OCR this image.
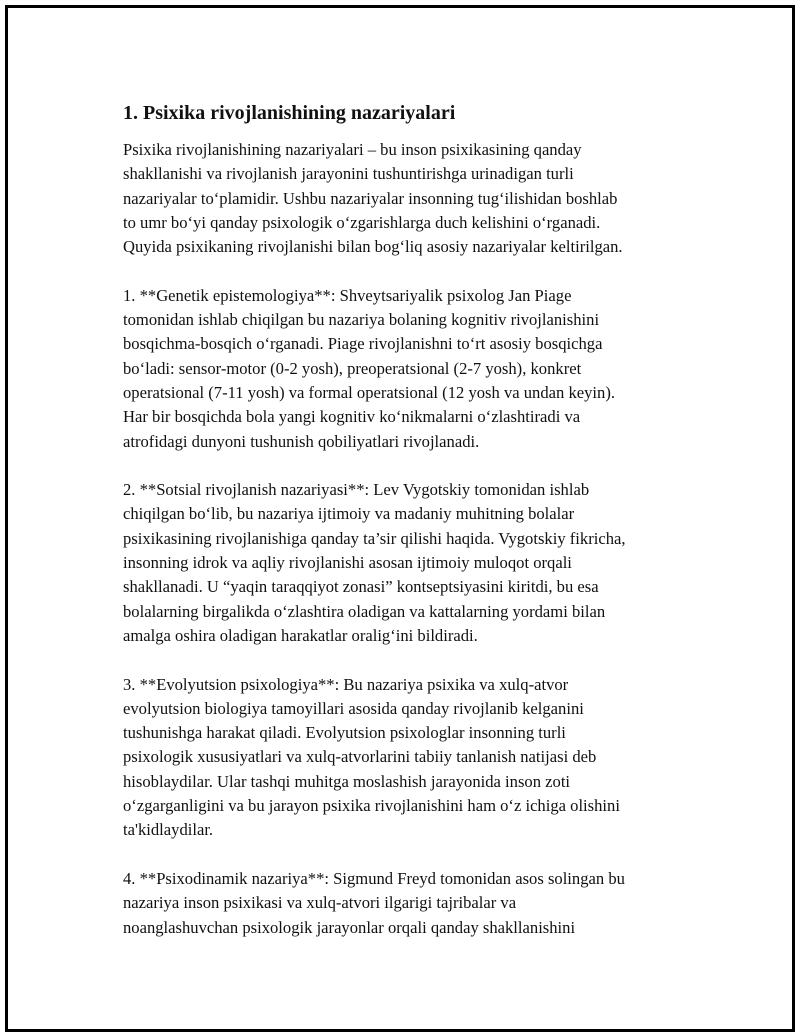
1. Psixika rivojlanishining nazariyalari

Psixika rivojlanishining nazariyalari – bu inson psixikasining qanday
shakllanishi va rivojlanish jarayonini tushuntirishga urinadigan turli
nazariyalar to‘plamidir. Ushbu nazariyalar insonning tug‘ilishidan boshlab
to umr bo‘yi qanday psixologik o‘zgarishlarga duch kelishini o‘rganadi.
Quyida psixikaning rivojlanishi bilan bog‘liq asosiy nazariyalar keltirilgan.

1. **Genetik epistemologiya**: Shveytsariyalik psixolog Jan Piage
tomonidan ishlab chiqilgan bu nazariya bolaning kognitiv rivojlanishini
bosqichma-bosqich o‘rganadi. Piage rivojlanishni to‘rt asosiy bosqichga
bo‘ladi: sensor-motor (0-2 yosh), preoperatsional (2-7 yosh), konkret
operatsional (7-11 yosh) va formal operatsional (12 yosh va undan keyin).
Har bir bosqichda bola yangi kognitiv ko‘nikmalarni o‘zlashtiradi va
atrofidagi dunyoni tushunish qobiliyatlari rivojlanadi.

2. **Sotsial rivojlanish nazariyasi**: Lev Vygotskiy tomonidan ishlab
chiqilgan bo‘lib, bu nazariya ijtimoiy va madaniy muhitning bolalar
psixikasining rivojlanishiga qanday ta’sir qilishi haqida. Vygotskiy fikricha,
insonning idrok va aqliy rivojlanishi asosan ijtimoiy muloqot orqali
shakllanadi. U “yaqin taraqqiyot zonasi” kontseptsiyasini kiritdi, bu esa
bolalarning birgalikda o‘zlashtira oladigan va kattalarning yordami bilan
amalga oshira oladigan harakatlar oralig‘ini bildiradi.

3. **Evolyutsion psixologiya**: Bu nazariya psixika va xulq-atvor
evolyutsion biologiya tamoyillari asosida qanday rivojlanib kelganini
tushunishga harakat qiladi. Evolyutsion psixologlar insonning turli
psixologik xususiyatlari va xulq-atvorlarini tabiiy tanlanish natijasi deb
hisoblaydilar. Ular tashqi muhitga moslashish jarayonida inson zoti
o‘zgarganligini va bu jarayon psixika rivojlanishini ham o‘z ichiga olishini
ta'kidlaydilar.

4. **Psixodinamik nazariya**: Sigmund Freyd tomonidan asos solingan bu
nazariya inson psixikasi va xulq-atvori ilgarigi tajribalar va
noanglashuvchan psixologik jarayonlar orqali qanday shakllanishini
